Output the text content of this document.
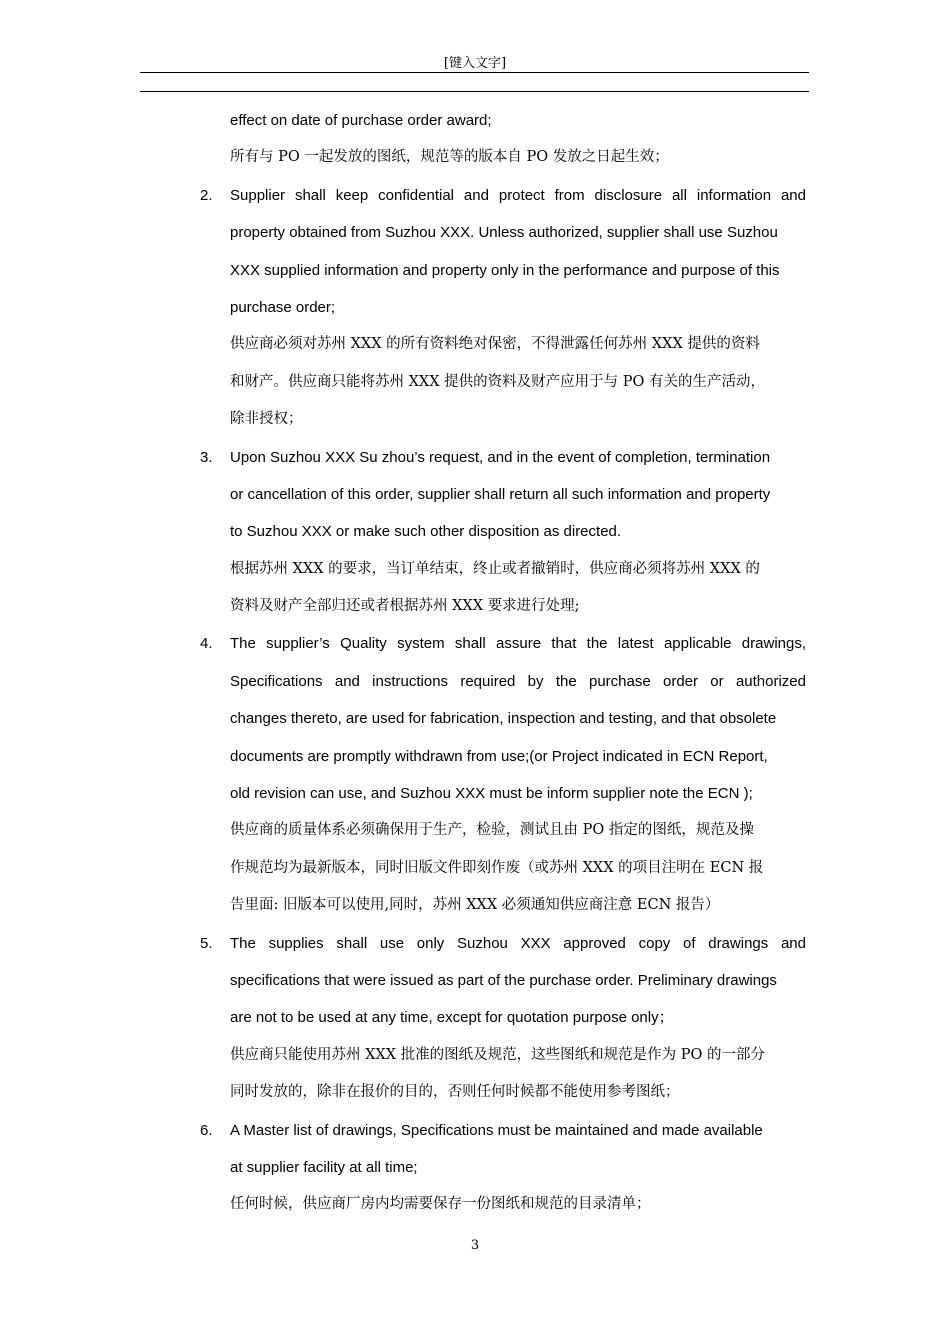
[键入文字]
effect on date of purchase order award;
所有与 PO 一起发放的图纸，规范等的版本自 PO 发放之日起生效；
2. Supplier shall keep confidential and protect from disclosure all information and
property obtained from Suzhou XXX. Unless authorized, supplier shall use Suzhou
XXX supplied information and property only in the performance and purpose of this
purchase order;
供应商必须对苏州 XXX 的所有资料绝对保密，不得泄露任何苏州 XXX 提供的资料
和财产。供应商只能将苏州 XXX 提供的资料及财产应用于与 PO 有关的生产活动，
除非授权；
3. Upon Suzhou XXX Su zhou’s request, and in the event of completion, termination
or cancellation of this order, supplier shall return all such information and property
to Suzhou XXX or make such other disposition as directed.
根据苏州 XXX 的要求，当订单结束，终止或者撤销时，供应商必须将苏州 XXX 的
资料及财产全部归还或者根据苏州 XXX 要求进行处理;
4. The supplier’s Quality system shall assure that the latest applicable drawings,
Specifications and instructions required by the purchase order or authorized
changes thereto, are used for fabrication, inspection and testing, and that obsolete
documents are promptly withdrawn from use;(or Project indicated in ECN Report,
old revision can use, and Suzhou XXX must be inform supplier note the ECN );
供应商的质量体系必须确保用于生产，检验，测试且由 PO 指定的图纸，规范及操
作规范均为最新版本，同时旧版文件即刻作废（或苏州 XXX 的项目注明在 ECN 报
告里面: 旧版本可以使用,同时，苏州 XXX 必须通知供应商注意 ECN 报告）
5. The supplies shall use only Suzhou XXX approved copy of drawings and
specifications that were issued as part of the purchase order. Preliminary drawings
are not to be used at any time, except for quotation purpose only；
供应商只能使用苏州 XXX 批准的图纸及规范，这些图纸和规范是作为 PO 的一部分
同时发放的，除非在报价的目的，否则任何时候都不能使用参考图纸；
6. A Master list of drawings, Specifications must be maintained and made available
at supplier facility at all time;
任何时候，供应商厂房内均需要保存一份图纸和规范的目录清单；
3
